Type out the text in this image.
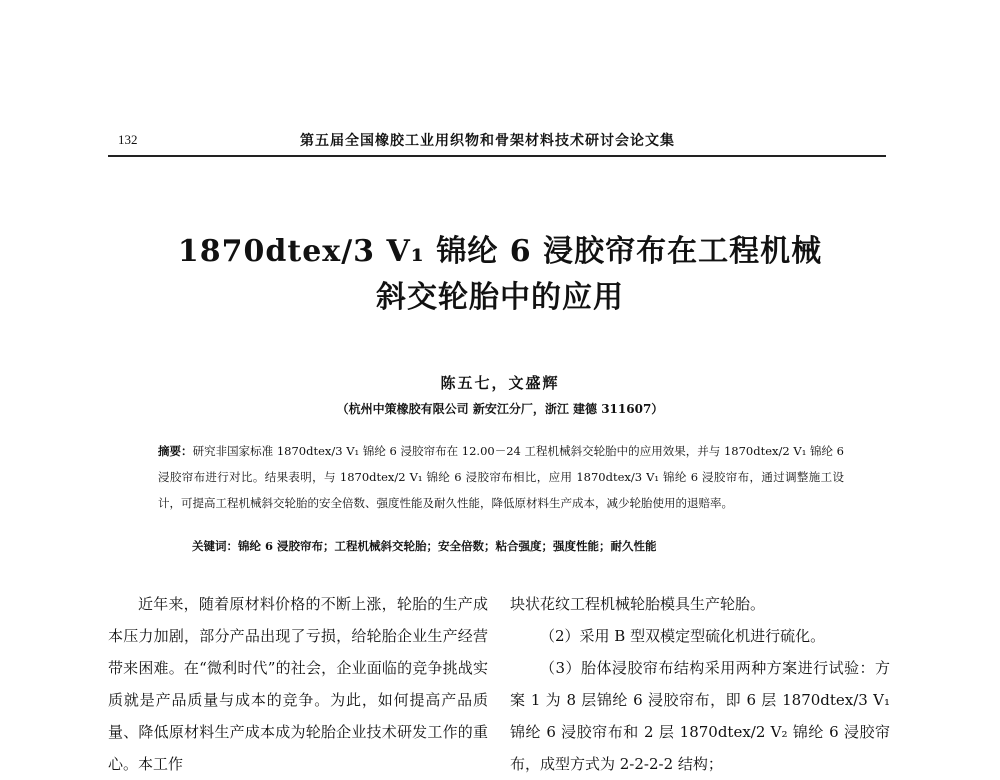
132	第五届全国橡胶工业用织物和骨架材料技术研讨会论文集
1870dtex/3 V₁ 锦纶 6 浸胶帘布在工程机械
斜交轮胎中的应用
陈五七，文盛辉
（杭州中策橡胶有限公司 新安江分厂，浙江 建德 311607）
摘要：研究非国家标准 1870dtex/3 V₁ 锦纶 6 浸胶帘布在 12.00－24 工程机械斜交轮胎中的应用效果，并与 1870dtex/2 V₁ 锦纶 6 浸胶帘布进行对比。结果表明，与 1870dtex/2 V₁ 锦纶 6 浸胶帘布相比，应用 1870dtex/3 V₁ 锦纶 6 浸胶帘布，通过调整施工设计，可提高工程机械斜交轮胎的安全倍数、强度性能及耐久性能，降低原材料生产成本，减少轮胎使用的退赔率。
关键词：锦纶 6 浸胶帘布；工程机械斜交轮胎；安全倍数；粘合强度；强度性能；耐久性能

近年来，随着原材料价格的不断上涨，轮胎的生产成本压力加剧，部分产品出现了亏损，给轮胎企业生产经营带来困难。在“微利时代”的社会，企业面临的竞争挑战实质就是产品质量与成本的竞争。为此，如何提高产品质量、降低原材料生产成本成为轮胎企业技术研发工作的重心。本工作

块状花纹工程机械轮胎模具生产轮胎。

（2）采用 B 型双模定型硫化机进行硫化。

（3）胎体浸胶帘布结构采用两种方案进行试验：方案 1 为 8 层锦纶 6 浸胶帘布，即 6 层 1870dtex/3 V₁ 锦纶 6 浸胶帘布和 2 层 1870dtex/2 V₂ 锦纶 6 浸胶帘布，成型方式为 2-2-2-2 结构；
